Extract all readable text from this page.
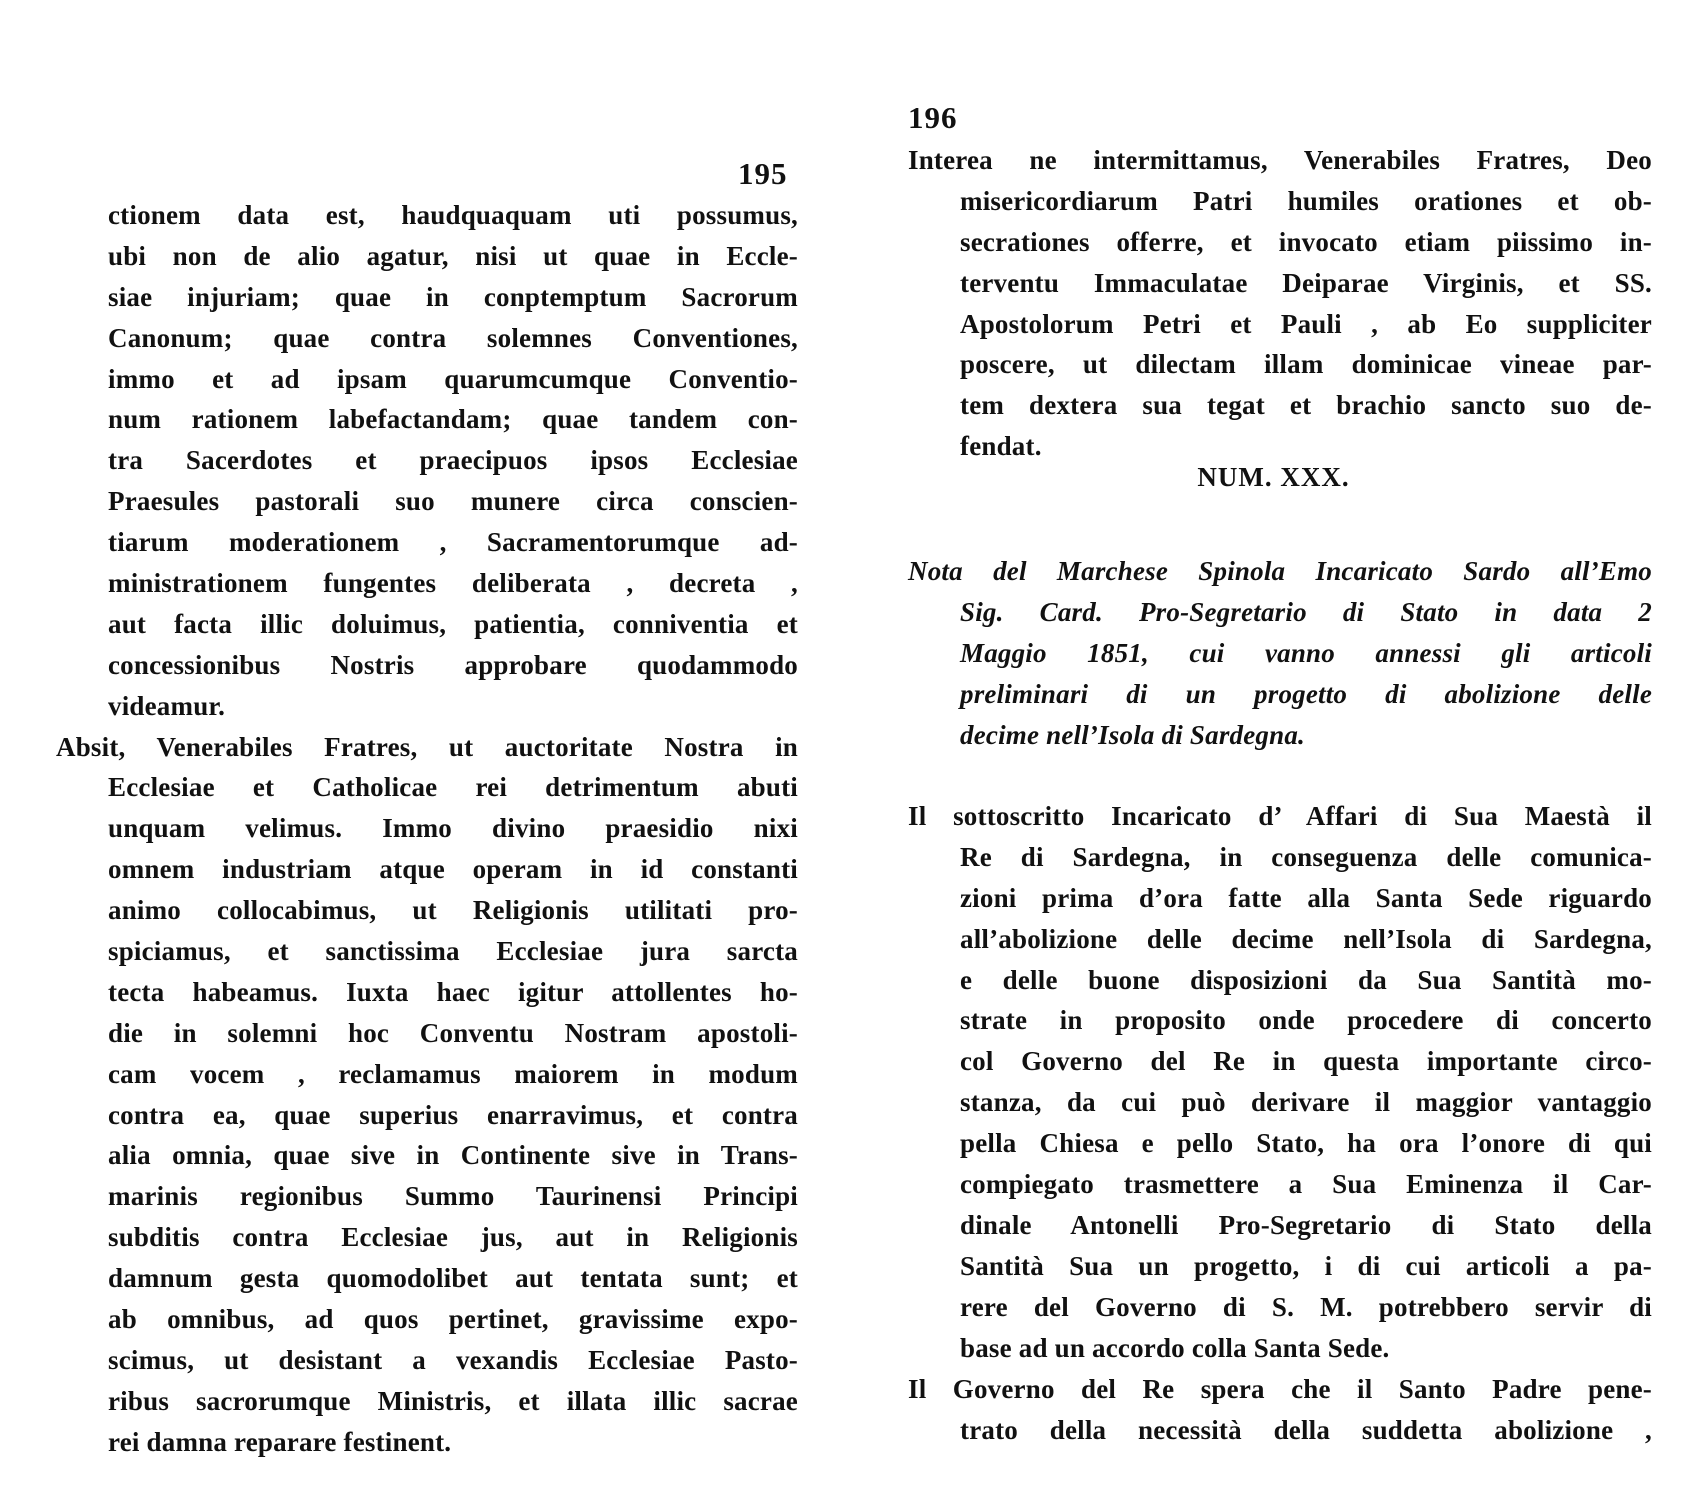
195
ctionem data est, haudquaquam uti possumus,
ubi non de alio agatur, nisi ut quae in Eccle-
siae injuriam; quae in conptemptum Sacrorum
Canonum; quae contra solemnes Conventiones,
immo et ad ipsam quarumcumque Conventio-
num rationem labefactandam; quae tandem con-
tra Sacerdotes et praecipuos ipsos Ecclesiae
Praesules pastorali suo munere circa conscien-
tiarum moderationem , Sacramentorumque ad-
ministrationem fungentes deliberata , decreta ,
aut facta illic doluimus, patientia, conniventia et
concessionibus Nostris approbare quodammodo
videamur.
Absit, Venerabiles Fratres, ut auctoritate Nostra in
Ecclesiae et Catholicae rei detrimentum abuti
unquam velimus. Immo divino praesidio nixi
omnem industriam atque operam in id constanti
animo collocabimus, ut Religionis utilitati pro-
spiciamus, et sanctissima Ecclesiae jura sarcta
tecta habeamus. Iuxta haec igitur attollentes ho-
die in solemni hoc Conventu Nostram apostoli-
cam vocem , reclamamus maiorem in modum
contra ea, quae superius enarravimus, et contra
alia omnia, quae sive in Continente sive in Trans-
marinis regionibus Summo Taurinensi Principi
subditis contra Ecclesiae jus, aut in Religionis
damnum gesta quomodolibet aut tentata sunt; et
ab omnibus, ad quos pertinet, gravissime expo-
scimus, ut desistant a vexandis Ecclesiae Pasto-
ribus sacrorumque Ministris, et illata illic sacrae
rei damna reparare festinent.
196
Interea ne intermittamus, Venerabiles Fratres, Deo
misericordiarum Patri humiles orationes et ob-
secrationes offerre, et invocato etiam piissimo in-
terventu Immaculatae Deiparae Virginis, et SS.
Apostolorum Petri et Pauli , ab Eo suppliciter
poscere, ut dilectam illam dominicae vineae par-
tem dextera sua tegat et brachio sancto suo de-
fendat.
NUM. XXX.
Nota del Marchese Spinola Incaricato Sardo all’Emo
Sig. Card. Pro-Segretario di Stato in data 2
Maggio 1851, cui vanno annessi gli articoli
preliminari di un progetto di abolizione delle
decime nell’Isola di Sardegna.
Il sottoscritto Incaricato d’ Affari di Sua Maestà il
Re di Sardegna, in conseguenza delle comunica-
zioni prima d’ora fatte alla Santa Sede riguardo
all’abolizione delle decime nell’Isola di Sardegna,
e delle buone disposizioni da Sua Santità mo-
strate in proposito onde procedere di concerto
col Governo del Re in questa importante circo-
stanza, da cui può derivare il maggior vantaggio
pella Chiesa e pello Stato, ha ora l’onore di qui
compiegato trasmettere a Sua Eminenza il Car-
dinale Antonelli Pro-Segretario di Stato della
Santità Sua un progetto, i di cui articoli a pa-
rere del Governo di S. M. potrebbero servir di
base ad un accordo colla Santa Sede.
Il Governo del Re spera che il Santo Padre pene-
trato della necessità della suddetta abolizione ,
